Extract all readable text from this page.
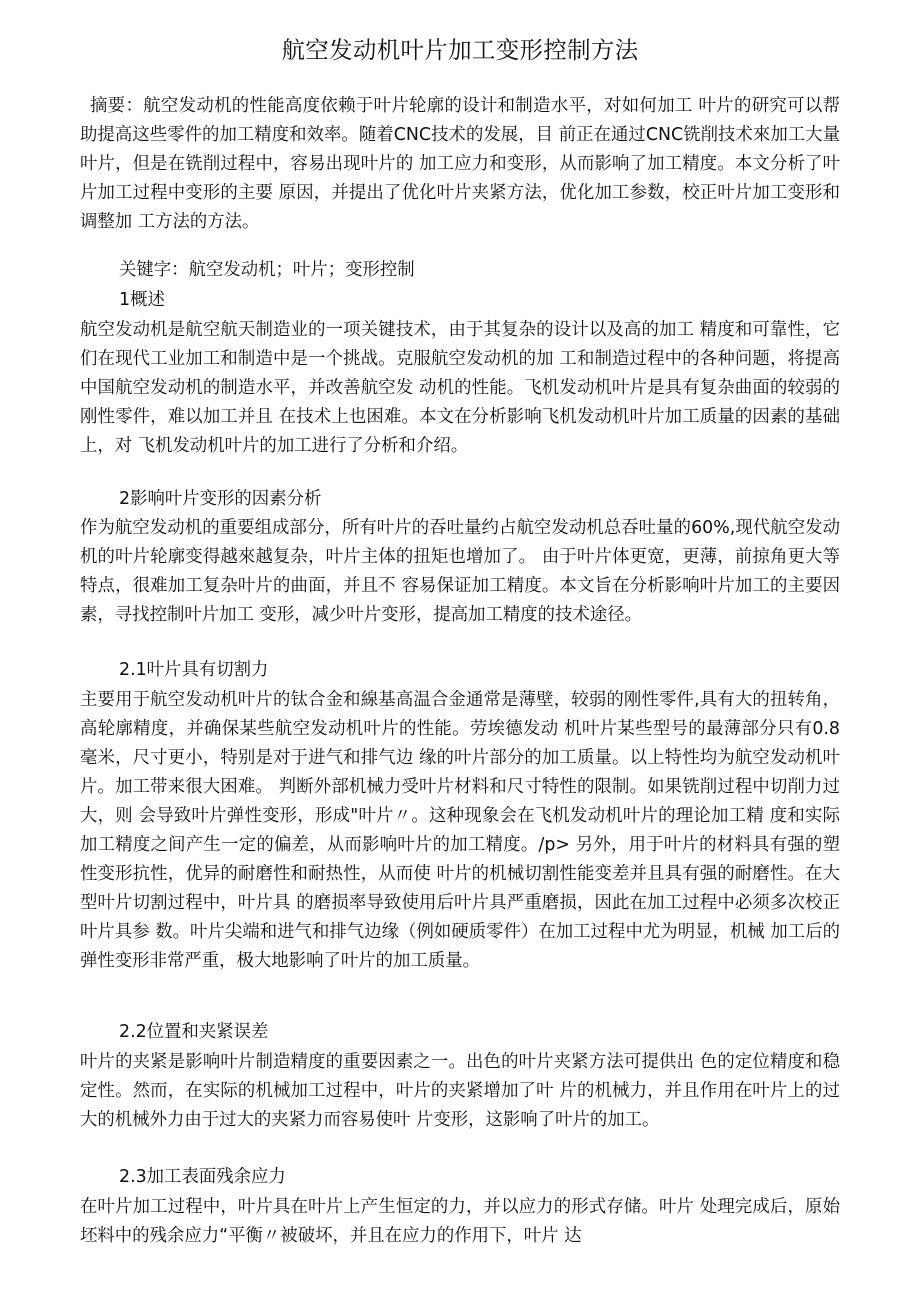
航空发动机叶片加工变形控制方法
摘要：航空发动机的性能高度依赖于叶片轮廓的设计和制造水平，对如何加工 叶片的研究可以帮助提高这些零件的加工精度和效率。随着CNC技术的发展，目 前正在通过CNC铣削技术來加工大量叶片，但是在铣削过程中，容易出现叶片的 加工应力和变形，从而影响了加工精度。本文分析了叶片加工过程中变形的主要 原因，并提出了优化叶片夹紧方法，优化加工参数，校正叶片加工变形和调整加 工方法的方法。
关键字：航空发动机；叶片；变形控制
1概述
航空发动机是航空航天制造业的一项关键技术，由于其复杂的设计以及高的加工 精度和可靠性，它们在现代工业加工和制造中是一个挑战。克服航空发动机的加 工和制造过程中的各种问题，将提高中国航空发动机的制造水平，并改善航空发 动机的性能。飞机发动机叶片是具有复杂曲面的较弱的刚性零件，难以加工并且 在技术上也困难。本文在分析影响飞机发动机叶片加工质量的因素的基础上，对 飞机发动机叶片的加工进行了分析和介绍。
2影响叶片变形的因素分析
作为航空发动机的重要组成部分，所有叶片的吞吐量约占航空发动机总吞吐量的60%,现代航空发动机的叶片轮廓变得越來越复杂，叶片主体的扭矩也增加了。 由于叶片体更宽，更薄，前掠角更大等特点，很难加工复杂叶片的曲面，并且不 容易保证加工精度。本文旨在分析影响叶片加工的主要因素，寻找控制叶片加工 变形，减少叶片变形，提高加工精度的技术途径。
2.1叶片具有切割力
主要用于航空发动机叶片的钛合金和線基高温合金通常是薄壁，较弱的刚性零件,具有大的扭转角，高轮廓精度，并确保某些航空发动机叶片的性能。劳埃德发动 机叶片某些型号的最薄部分只有0.8毫米，尺寸更小，特别是对于进气和排气边 缘的叶片部分的加工质量。以上特性均为航空发动机叶片。加工带来很大困难。 判断外部机械力受叶片材料和尺寸特性的限制。如果铣削过程中切削力过大，则 会导致叶片弹性变形，形成"叶片〃。这种现象会在飞机发动机叶片的理论加工精 度和实际加工精度之间产生一定的偏差，从而影响叶片的加工精度。/p> 另外，用于叶片的材料具有强的塑性变形抗性，优异的耐磨性和耐热性，从而使 叶片的机械切割性能变差并且具有强的耐磨性。在大型叶片切割过程中，叶片具 的磨损率导致使用后叶片具严重磨损，因此在加工过程中必须多次校正叶片具参 数。叶片尖端和进气和排气边缘（例如硬质零件）在加工过程中尤为明显，机械 加工后的弹性变形非常严重，极大地影响了叶片的加工质量。
2.2位置和夹紧误差
叶片的夹紧是影响叶片制造精度的重要因素之一。出色的叶片夹紧方法可提供出 色的定位精度和稳定性。然而，在实际的机械加工过程中，叶片的夹紧增加了叶 片的机械力，并且作用在叶片上的过大的机械外力由于过大的夹紧力而容易使叶 片变形，这影响了叶片的加工。
2.3加工表面残余应力
在叶片加工过程中，叶片具在叶片上产生恒定的力，并以应力的形式存储。叶片 处理完成后，原始坯料中的残余应力“平衡〃被破坏，并且在应力的作用下，叶片 达
